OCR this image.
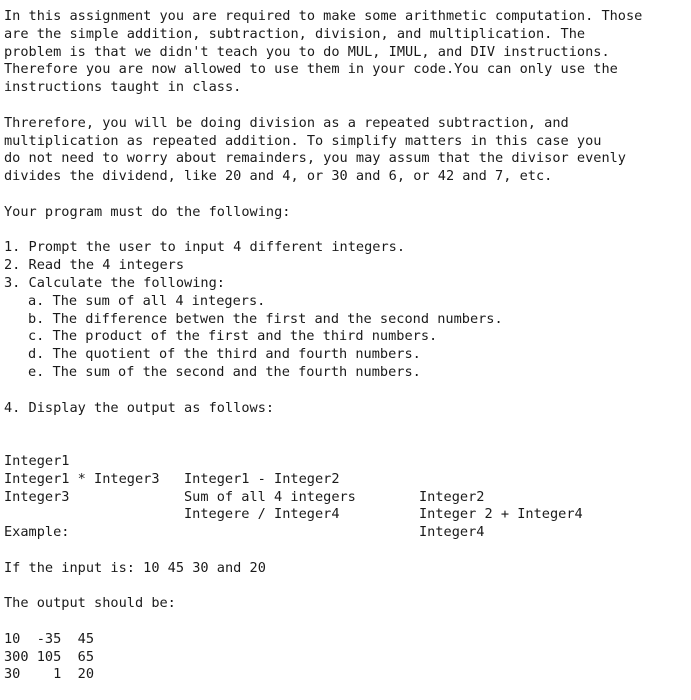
In this assignment you are required to make some arithmetic computation. Those
are the simple addition, subtraction, division, and multiplication. The
problem is that we didn't teach you to do MUL, IMUL, and DIV instructions.
Therefore you are now allowed to use them in your code.You can only use the
instructions taught in class.
Threrefore, you will be doing division as a repeated subtraction, and
multiplication as repeated addition. To simplify matters in this case you
do not need to worry about remainders, you may assum that the divisor evenly
divides the dividend, like 20 and 4, or 30 and 6, or 42 and 7, etc.
Your program must do the following:
1. Prompt the user to input 4 different integers.
2. Read the 4 integers
3. Calculate the following:
a. The sum of all 4 integers.
b. The difference betwen the first and the second numbers.
c. The product of the first and the third numbers.
d. The quotient of the third and fourth numbers.
e. The sum of the second and the fourth numbers.
4. Display the output as follows:

Integer1

Integer1 - Integer2

Integer2

Integer1 * Integer3

Sum of all 4 integers

Integer 2 + Integer4

Integer3

Integere / Integer4

Integer4

Example:
If the input is: 10 45 30 and 20
The output should be:
10  -35  45
300 105  65
30    1  20
